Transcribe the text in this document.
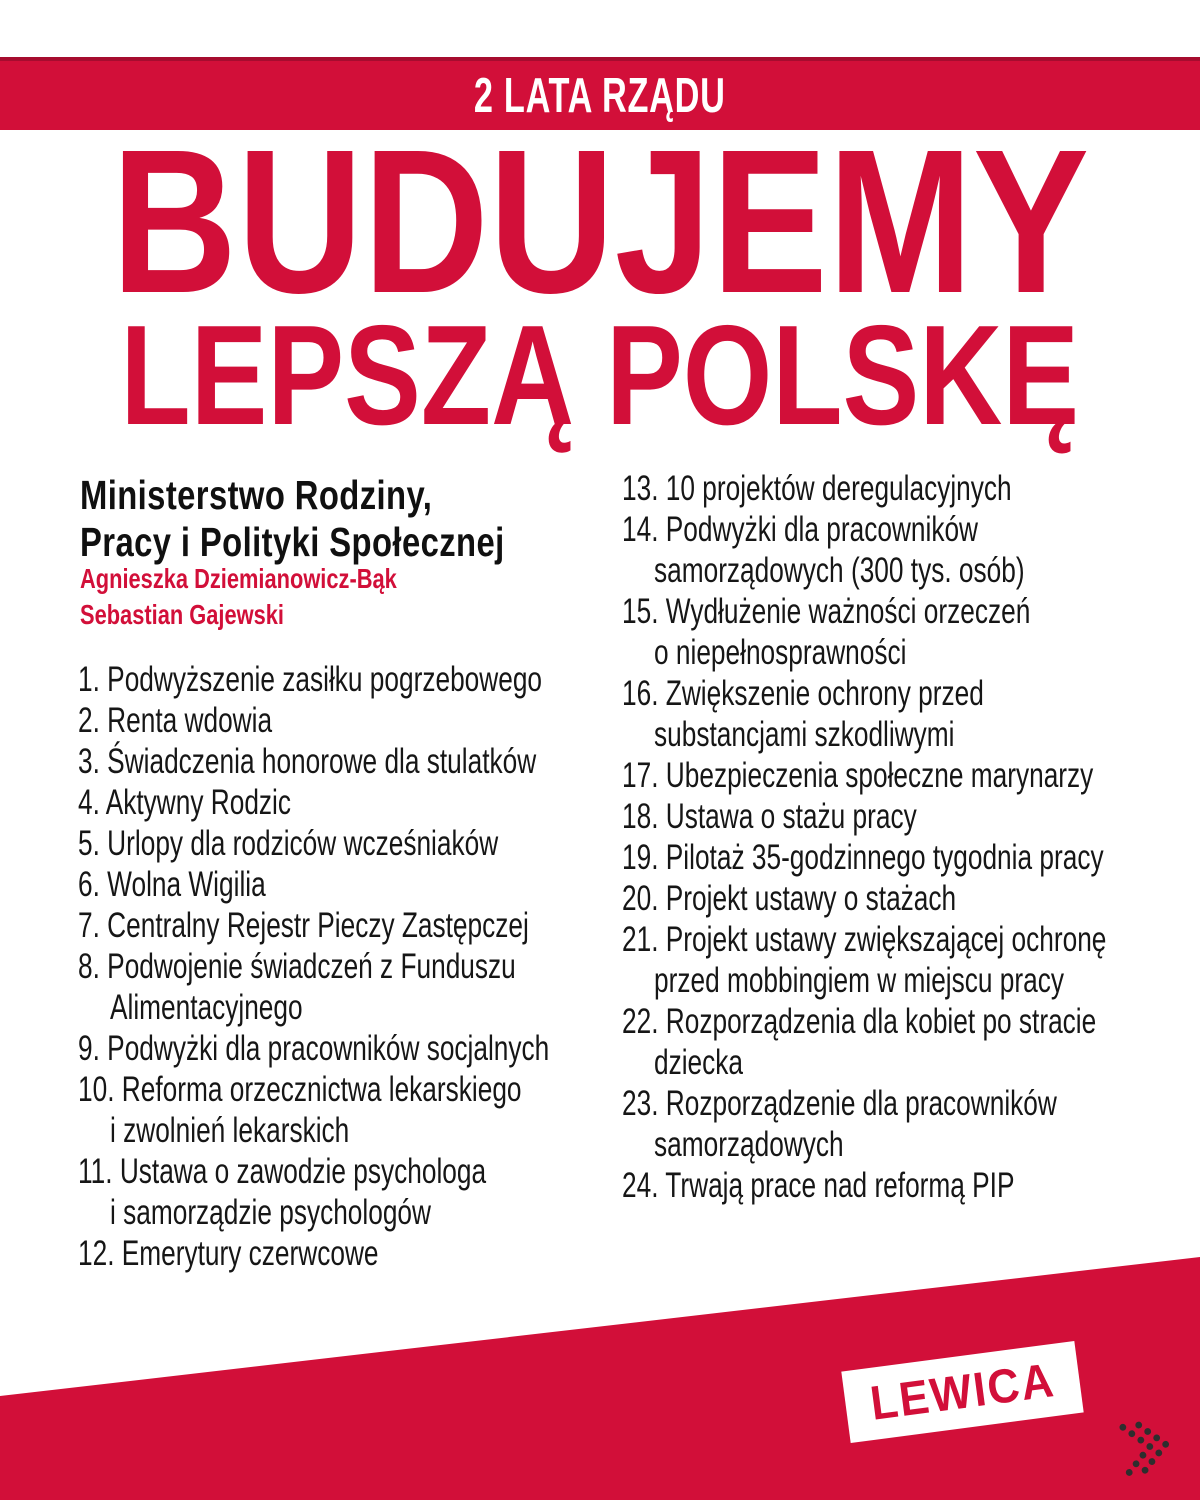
2 LATA RZĄDU
BUDUJEMY
LEPSZĄ POLSKĘ
Ministerstwo Rodziny,
Pracy i Polityki Społecznej
Agnieszka Dziemianowicz-Bąk
Sebastian Gajewski
1. Podwyższenie zasiłku pogrzebowego
2. Renta wdowia
3. Świadczenia honorowe dla stulatków
4. Aktywny Rodzic
5. Urlopy dla rodziców wcześniaków
6. Wolna Wigilia
7. Centralny Rejestr Pieczy Zastępczej
8. Podwojenie świadczeń z Funduszu
Alimentacyjnego
9. Podwyżki dla pracowników socjalnych
10. Reforma orzecznictwa lekarskiego
i zwolnień lekarskich
11. Ustawa o zawodzie psychologa
i samorządzie psychologów
12. Emerytury czerwcowe
13. 10 projektów deregulacyjnych
14. Podwyżki dla pracowników
samorządowych (300 tys. osób)
15. Wydłużenie ważności orzeczeń
o niepełnosprawności
16. Zwiększenie ochrony przed
substancjami szkodliwymi
17. Ubezpieczenia społeczne marynarzy
18. Ustawa o stażu pracy
19. Pilotaż 35-godzinnego tygodnia pracy
20. Projekt ustawy o stażach
21. Projekt ustawy zwiększającej ochronę
przed mobbingiem w miejscu pracy
22. Rozporządzenia dla kobiet po stracie
dziecka
23. Rozporządzenie dla pracowników
samorządowych
24. Trwają prace nad reformą PIP
LEWICA
